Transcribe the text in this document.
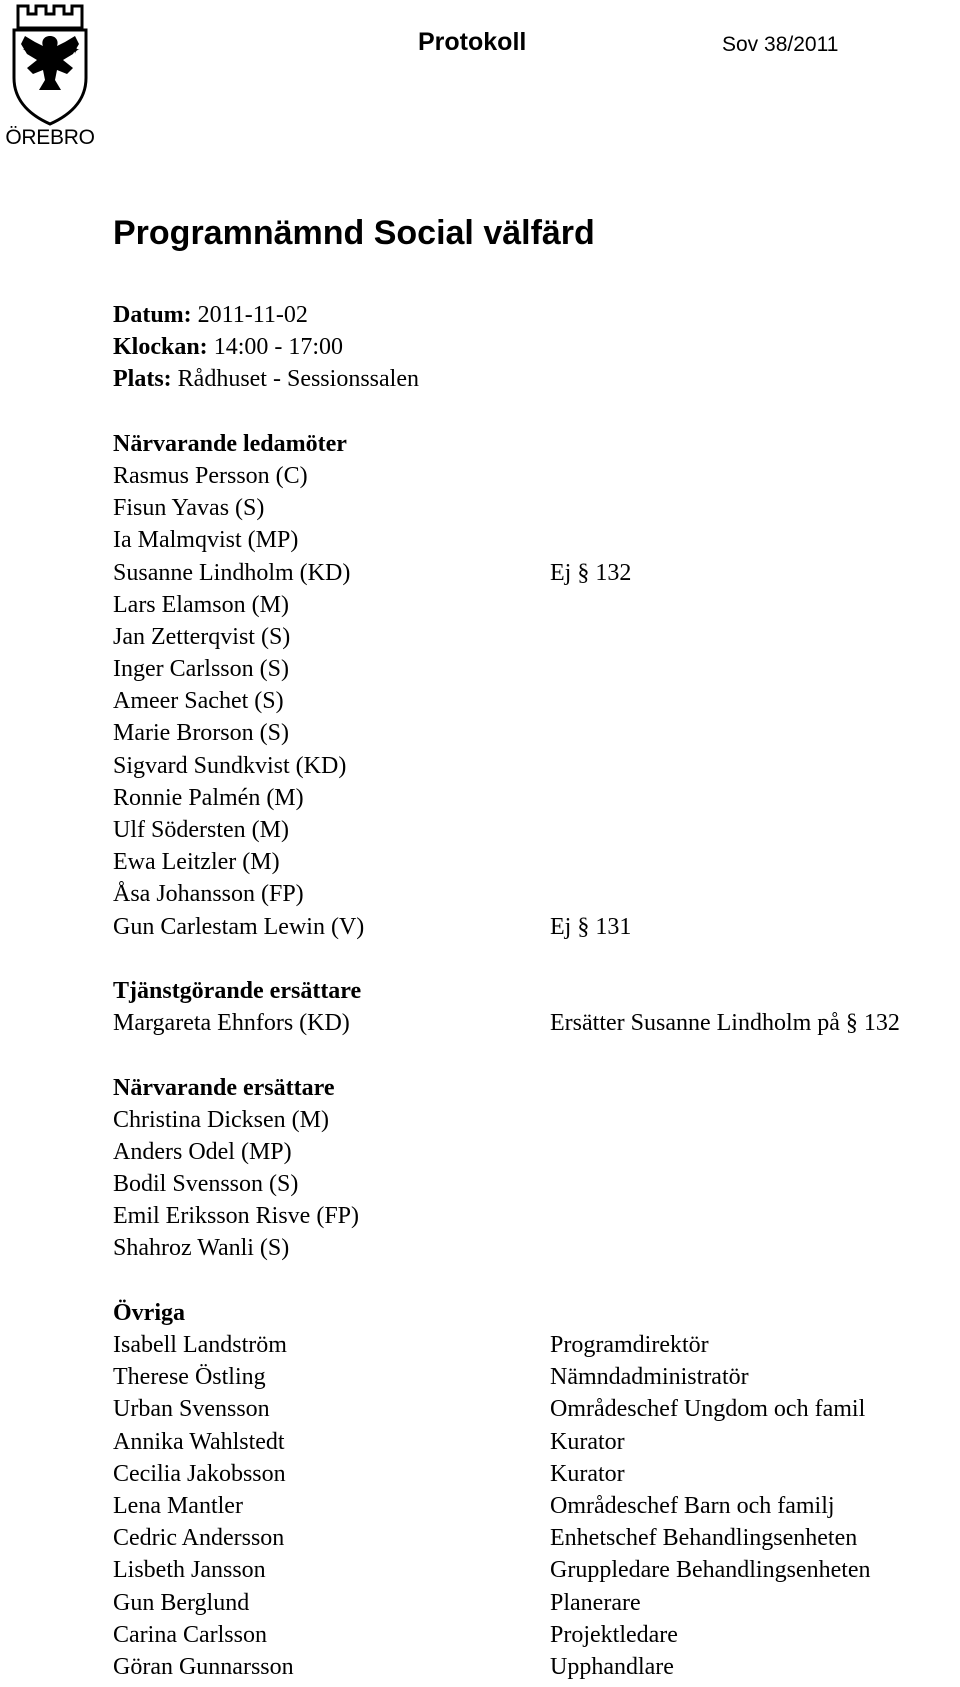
✦	✦
ÖREBRO
Protokoll	Sov 38/2011
Programnämnd Social välfärd
Datum: 2011-11-02
Klockan: 14:00 - 17:00
Plats: Rådhuset - Sessionssalen
Närvarande ledamöter
Rasmus Persson (C)
Fisun Yavas (S)
Ia Malmqvist (MP)
Susanne Lindholm (KD)	Ej § 132
Lars Elamson (M)
Jan Zetterqvist (S)
Inger Carlsson (S)
Ameer Sachet (S)
Marie Brorson (S)
Sigvard Sundkvist (KD)
Ronnie Palmén (M)
Ulf Södersten (M)
Ewa Leitzler (M)
Åsa Johansson (FP)
Gun Carlestam Lewin (V)	Ej § 131
Tjänstgörande ersättare
Margareta Ehnfors (KD)	Ersätter Susanne Lindholm på § 132
Närvarande ersättare
Christina Dicksen (M)
Anders Odel (MP)
Bodil Svensson (S)
Emil Eriksson Risve (FP)
Shahroz Wanli (S)
Övriga
Isabell Landström	Programdirektör
Therese Östling	Nämndadministratör
Urban Svensson	Områdeschef Ungdom och famil
Annika Wahlstedt	Kurator
Cecilia Jakobsson	Kurator
Lena Mantler	Områdeschef Barn och familj
Cedric Andersson	Enhetschef Behandlingsenheten
Lisbeth Jansson	Gruppledare Behandlingsenheten
Gun Berglund	Planerare
Carina Carlsson	Projektledare
Göran Gunnarsson	Upphandlare
